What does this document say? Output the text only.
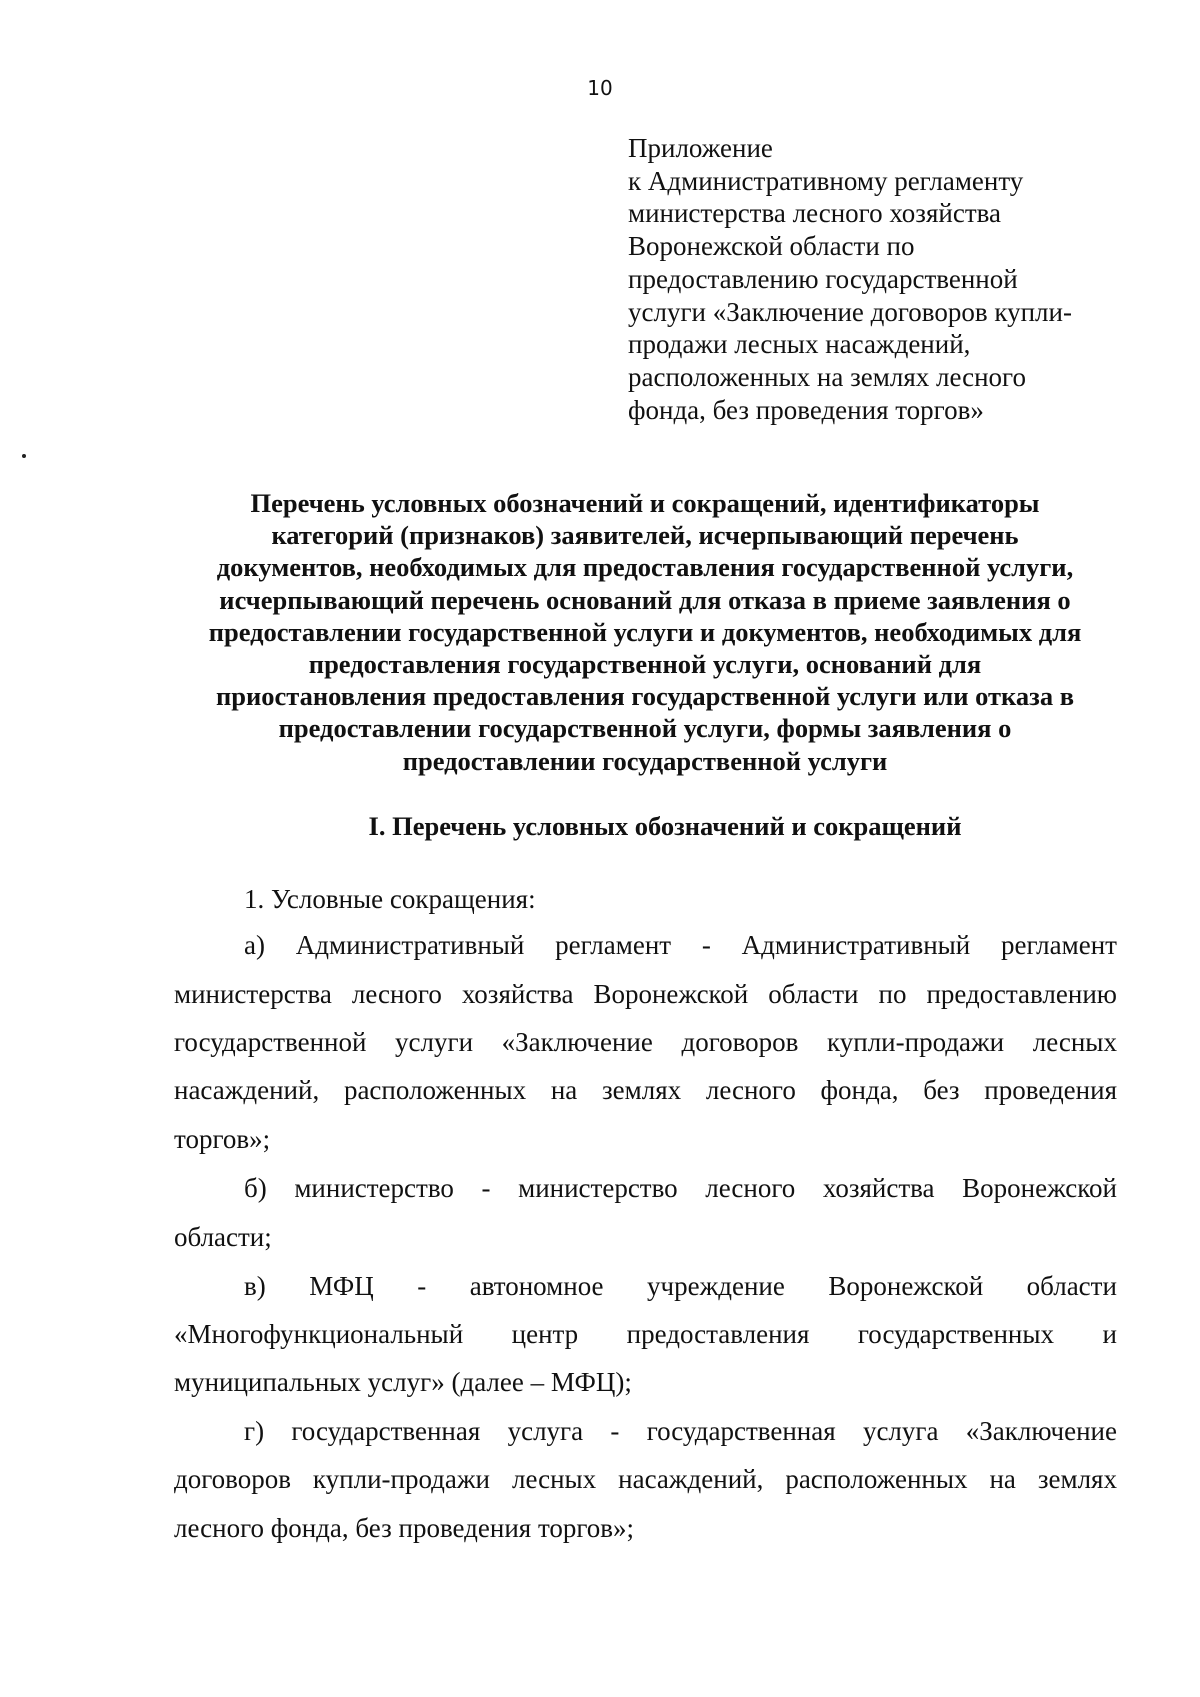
10
Приложение
к Административному регламенту
министерства лесного хозяйства
Воронежской области по
предоставлению государственной
услуги «Заключение договоров купли-
продажи лесных насаждений,
расположенных на землях лесного
фонда, без проведения торгов»
Перечень условных обозначений и сокращений, идентификаторы
категорий (признаков) заявителей, исчерпывающий перечень
документов, необходимых для предоставления государственной услуги,
исчерпывающий перечень оснований для отказа в приеме заявления о
предоставлении государственной услуги и документов, необходимых для
предоставления государственной услуги, оснований для
приостановления предоставления государственной услуги или отказа в
предоставлении государственной услуги, формы заявления о
предоставлении государственной услуги
I. Перечень условных обозначений и сокращений
1. Условные сокращения:
а) Административный регламент - Административный регламент
министерства лесного хозяйства Воронежской области по предоставлению
государственной услуги «Заключение договоров купли-продажи лесных
насаждений, расположенных на землях лесного фонда, без проведения
торгов»;
б) министерство - министерство лесного хозяйства Воронежской
области;
в) МФЦ - автономное учреждение Воронежской области
«Многофункциональный центр предоставления государственных и
муниципальных услуг» (далее – МФЦ);
г) государственная услуга - государственная услуга «Заключение
договоров купли-продажи лесных насаждений, расположенных на землях
лесного фонда, без проведения торгов»;
